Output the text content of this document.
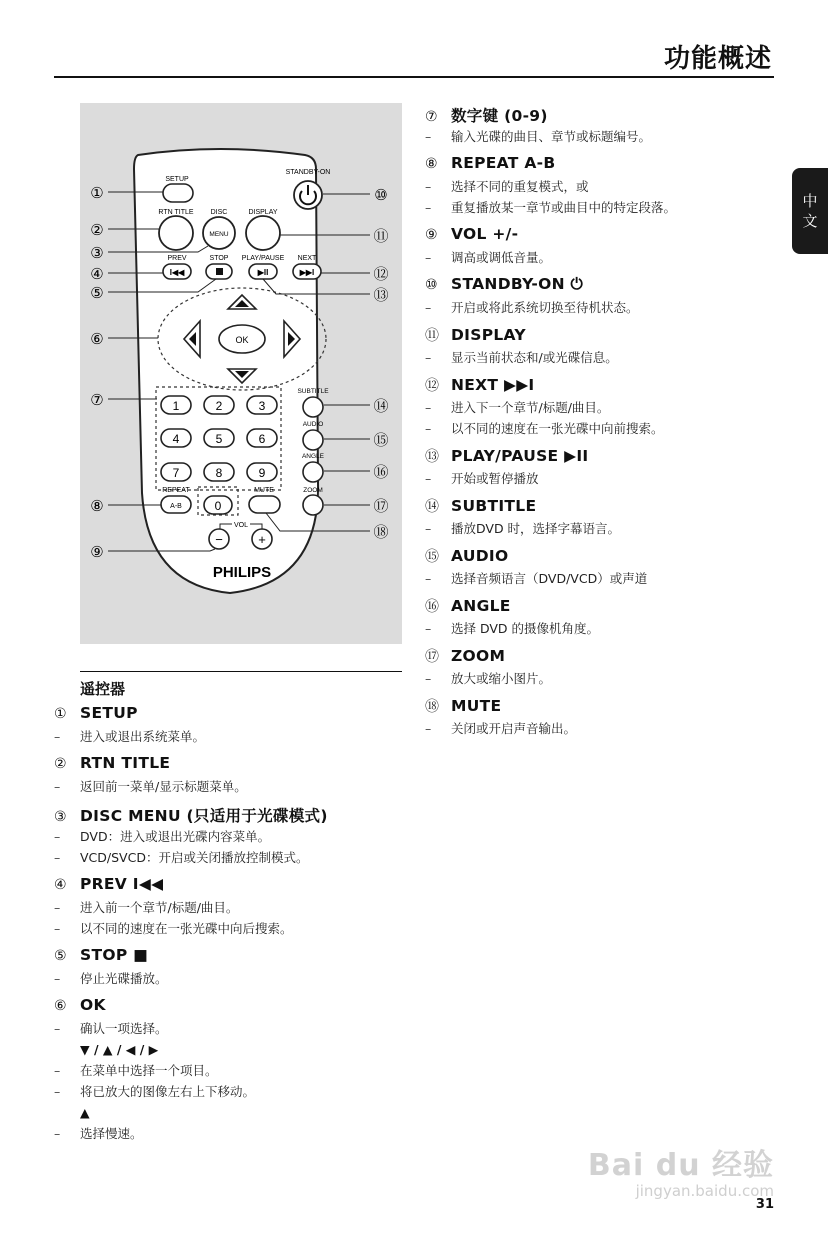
功能概述
中
文
SETUP
STANDBY-ON
RTN TITLE DISC
MENU
DISPLAY
PREV
I◀◀
STOP PLAY/PAUSE
▶II
NEXT
▶▶I
OK
1	2	3
4	5	6
7	8	9
0
REPEAT
A-B
MUTE
SUBTITLE
AUDIO
ANGLE
ZOOM
VOL
−	+
PHILIPS
①
②
③
④
⑤
⑥
⑦
⑧
⑨
⑩
⑪
⑫
⑬
⑭
⑮
⑯
⑰
⑱
遥控器
① SETUP
–	进入或退出系统菜单。
② RTN TITLE
–	返回前一菜单/显示标题菜单。
③ DISC MENU (只适用于光碟模式)
–	DVD：进入或退出光碟内容菜单。
–	VCD/SVCD：开启或关闭播放控制模式。
④ PREV I◀◀
–	进入前一个章节/标题/曲目。
–	以不同的速度在一张光碟中向后搜索。
⑤ STOP ■
–	停止光碟播放。
⑥ OK
–	确认一项选择。
▼ / ▲ / ◀ / ▶
–	在菜单中选择一个项目。
–	将已放大的图像左右上下移动。
▲
–	选择慢速。
⑦ 数字键 (0-9)
–	输入光碟的曲目、章节或标题编号。
⑧ REPEAT A-B
–	选择不同的重复模式，或
–	重复播放某一章节或曲目中的特定段落。
⑨ VOL +/-
–	调高或调低音量。
⑩ STANDBY-ON ⏻
–	开启或将此系统切换至待机状态。
⑪ DISPLAY
–	显示当前状态和/或光碟信息。
⑫ NEXT ▶▶I
–	进入下一个章节/标题/曲目。
–	以不同的速度在一张光碟中向前搜索。
⑬ PLAY/PAUSE ▶II
–	开始或暂停播放
⑭ SUBTITLE
–	播放DVD 时，选择字幕语言。
⑮ AUDIO
–	选择音频语言（DVD/VCD）或声道
⑯ ANGLE
–	选择 DVD 的摄像机角度。
⑰ ZOOM
–	放大或缩小图片。
⑱ MUTE
–	关闭或开启声音输出。
Bai du 经验
jingyan.baidu.com
31
